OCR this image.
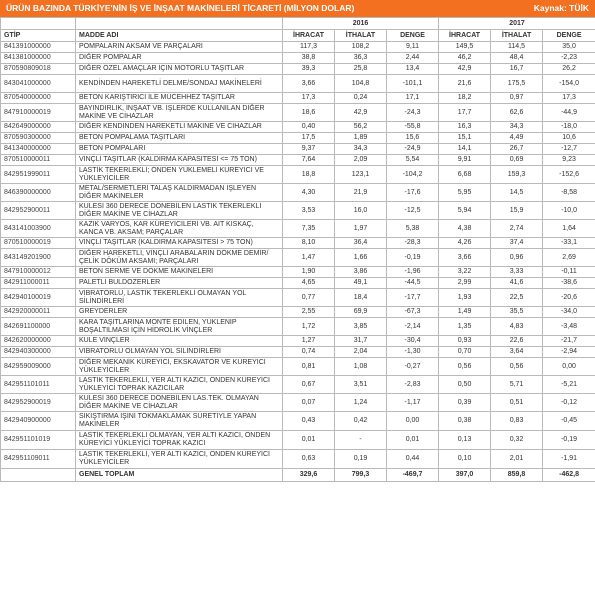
ÜRÜN BAZINDA TÜRKİYE'NİN İŞ VE İNŞAAT MAKİNELERİ TİCARETİ (MİLYON DOLAR)	Kaynak: TÜİK
		2016			2017		
GTİP	MADDE ADI	İHRACAT	İTHALAT	DENGE	İHRACAT	İTHALAT	DENGE
841391000000	POMPALARIN AKSAM VE PARÇALARI	117,3	108,2	9,11	149,5	114,5	35,0
841381000000	DİĞER POMPALAR	38,8	36,3	2,44	46,2	48,4	-2,23
870590809018	DİĞER ÖZEL AMAÇLAR İÇİN MOTORLU TAŞITLAR	39,3	25,8	13,4	42,9	16,7	26,2
843041000000	KENDİNDEN HAREKETLİ DELME/SONDAJ MAKİNELERİ	3,66	104,8	-101,1	21,6	175,5	-154,0
870540000000	BETON KARIŞTIRICI İLE MÜCEHHEZ TAŞITLAR	17,3	0,24	17,1	18,2	0,97	17,3
847910000019	BAYINDIRLIK, İNŞAAT VB. İŞLERDE KULLANILAN DİĞER MAKİNE VE CİHAZLAR	18,6	42,9	-24,3	17,7	62,6	-44,9
842649000000	DİĞER KENDİNDEN HAREKETLİ MAKİNE VE CİHAZLAR	0,40	56,2	-55,8	16,3	34,3	-18,0
870590300000	BETON POMPALAMA TAŞITLARI	17,5	1,89	15,6	15,1	4,49	10,6
841340000000	BETON POMPALARI	9,37	34,3	-24,9	14,1	26,7	-12,7
870510000011	VİNÇLİ TAŞITLAR (KALDIRMA KAPASİTESİ <= 75 TON)	7,64	2,09	5,54	9,91	0,69	9,23
842951999011	LASTİK TEKERLEKLİ; ÖNDEN YÜKLEMELİ KÜREYİCİ VE YÜKLEYİCİLER	18,8	123,1	-104,2	6,68	159,3	-152,6
846390000000	METAL/SERMETLERİ TALAŞ KALDIRMADAN İŞLEYEN DİĞER MAKİNELER	4,30	21,9	-17,6	5,95	14,5	-8,58
842952900011	KULESİ 360 DERECE DÖNEBİLEN LASTİK TEKERLEKLİ DİĞER MAKİNE VE CİHAZLAR	3,53	16,0	-12,5	5,94	15,9	-10,0
843141003900	KAZIK VARYOS, KAR KÜREYİCİLERİ VB. AİT KISKAÇ, KANCA VB. AKSAM; PARÇALAR	7,35	1,97	5,38	4,38	2,74	1,64
870510000019	VİNÇLİ TAŞITLAR (KALDIRMA KAPASİTESİ > 75 TON)	8,10	36,4	-28,3	4,26	37,4	-33,1
843149201900	DİĞER HAREKETLİ, VİNÇLİ ARABALARIN DÖKME DEMİR/ÇELİK DÖKÜM AKSAMI; PARÇALARI	1,47	1,66	-0,19	3,66	0,96	2,69
847910000012	BETON SERME VE DÖKME MAKİNELERİ	1,90	3,86	-1,96	3,22	3,33	-0,11
842911000011	PALETLİ BULDOZERLER	4,65	49,1	-44,5	2,99	41,6	-38,6
842940100019	VİBRATÖRLÜ, LASTİK TEKERLEKLİ OLMAYAN YOL SİLİNDİRLERİ	0,77	18,4	-17,7	1,93	22,5	-20,6
842920000011	GREYDERLER	2,55	69,9	-67,3	1,49	35,5	-34,0
842691100000	KARA TAŞITLARINA MONTE EDİLEN, YÜKLENİP BOŞALTILMASI İÇİN HİDROLİK VİNÇLER	1,72	3,85	-2,14	1,35	4,83	-3,48
842620000000	KULE VİNÇLER	1,27	31,7	-30,4	0,93	22,6	-21,7
842940300000	VİBRATÖRLÜ OLMAYAN YOL SİLİNDİRLERİ	0,74	2,04	-1,30	0,70	3,64	-2,94
842959009000	DİĞER MEKANİK KÜREYİCİ, EKSKAVATÖR VE KÜREYİCİ YÜKLEYİCİLER	0,81	1,08	-0,27	0,56	0,56	0,00
842951101011	LASTİK TEKERLEKLİ, YER ALTI KAZICI, ÖNDEN KÜREYİCİ YÜKLEYİCİ TOPRAK KAZICILAR	0,67	3,51	-2,83	0,50	5,71	-5,21
842952900019	KULESİ 360 DERECE DÖNEBİLEN LAS.TEK. OLMAYAN DİĞER MAKİNE VE CİHAZLAR	0,07	1,24	-1,17	0,39	0,51	-0,12
842940900000	SIKIŞTIRMA İŞİNİ TOKMAKLAMAK SURETİYLE YAPAN MAKİNELER	0,43	0,42	0,00	0,38	0,83	-0,45
842951101019	LASTİK TEKERLEKLİ OLMAYAN, YER ALTI KAZICI, ÖNDEN KÜREYİCİ YÜKLEYİCİ TOPRAK KAZICI	0,01	-	0,01	0,13	0,32	-0,19
842951109011	LASTİK TEKERLEKLİ, YER ALTI KAZICI, ÖNDEN KÜREYİCİ YÜKLEYİCİLER	0,63	0,19	0,44	0,10	2,01	-1,91
	GENEL TOPLAM	329,6	799,3	-469,7	397,0	859,8	-462,8
